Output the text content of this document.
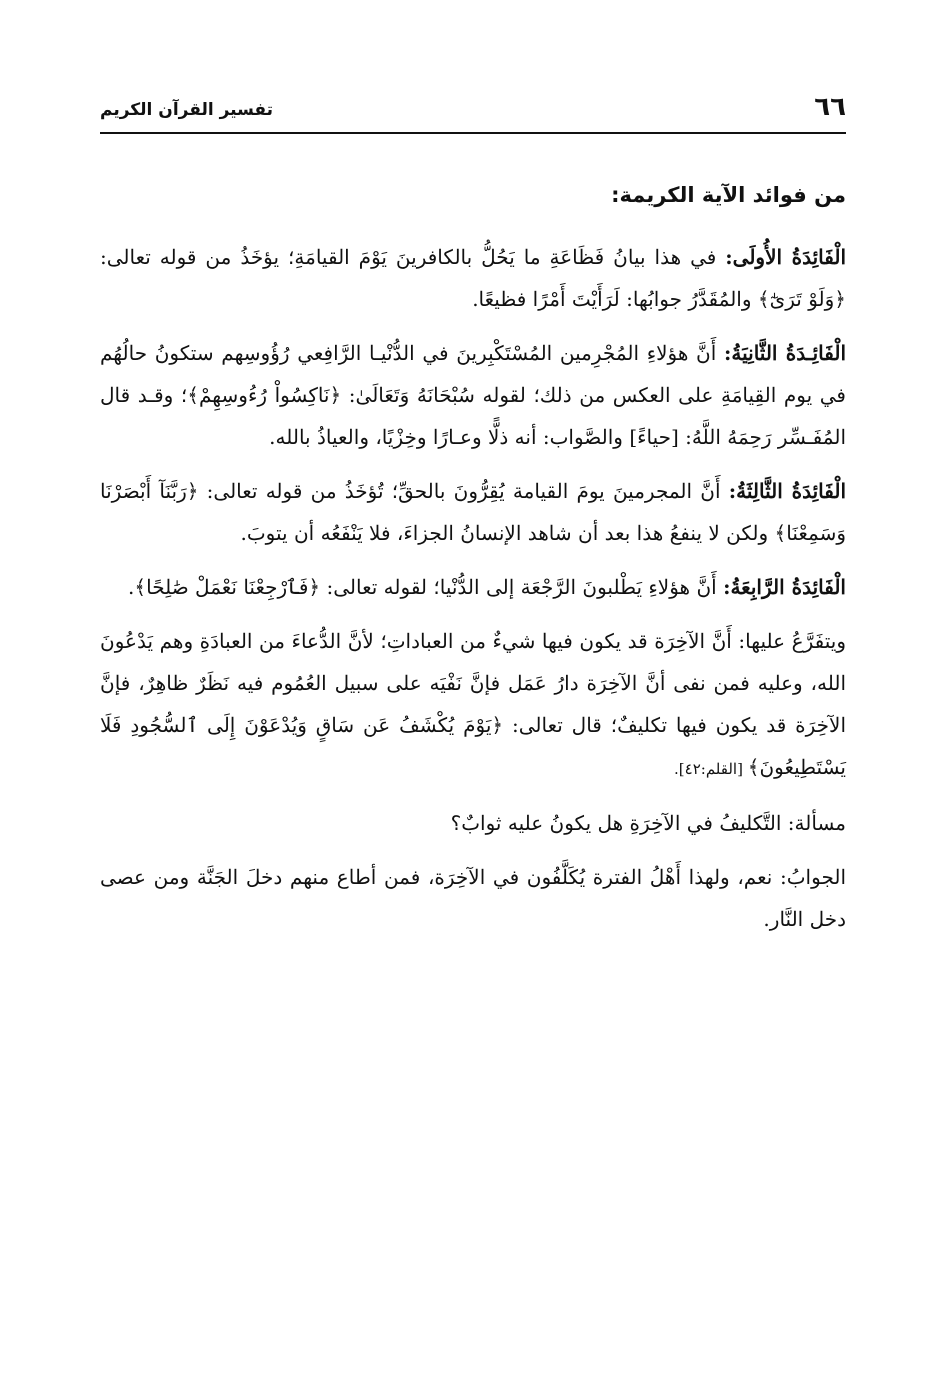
٦٦
تفسير القرآن الكريم
من فوائد الآية الكريمة:

الْفَائِدَةُ الأُولَى: في هذا بيانُ فَظَاعَةِ ما يَحُلُّ بالكافرينَ يَوْمَ القيامَةِ؛ يؤخَذُ من قوله تعالى: ﴿وَلَوْ تَرَىٰٓ﴾ والمُقَدَّرُ جوابُها: لَرَأَيْتَ أَمْرًا فظيعًا.

الْفَائِـدَةُ الثَّانِيَةُ: أَنَّ هؤلاءِ المُجْرِمين المُسْتَكْبِرينَ في الدُّنْيـا الرَّافِعي رُؤُوسِهم ستكونُ حالُهُم في يوم القِيامَةِ على العكس من ذلك؛ لقوله سُبْحَانَهُ وَتَعَالَىٰ: ﴿نَاكِسُواْ رُءُوسِهِمْ﴾؛ وقـد قال المُفَـسِّر رَحِمَهُ اللَّهُ: [حياءً] والصَّواب: أنه ذلًّا وعـارًا وخِزْيًا، والعياذُ بالله.

الْفَائِدَةُ الثَّالِثَةُ: أَنَّ المجرمينَ يومَ القيامة يُقِرُّونَ بالحقِّ؛ تُؤخَذُ من قوله تعالى: ﴿رَبَّنَآ أَبْصَرْنَا وَسَمِعْنَا﴾ ولكن لا ينفعُ هذا بعد أن شاهد الإنسانُ الجزاءَ، فلا يَنْفَعُه أن يتوبَ.

الْفَائِدَةُ الرَّابِعَةُ: أَنَّ هؤلاءِ يَطْلبونَ الرَّجْعَة إلى الدُّنْيا؛ لقوله تعالى: ﴿فَٱرْجِعْنَا نَعْمَلْ صَٰلِحًا﴾.

ويتفَرَّعُ عليها: أَنَّ الآخِرَة قد يكون فيها شيءٌ من العباداتِ؛ لأنَّ الدُّعاءَ من العبادَةِ وهم يَدْعُونَ الله، وعليه فمن نفى أنَّ الآخِرَة دارُ عَمَل فإنَّ نَفْيَه على سبيل العُمُوم فيه نَظَرٌ ظاهِرٌ، فإنَّ الآخِرَة قد يكون فيها تكليفٌ؛ قال تعالى: ﴿يَوْمَ يُكْشَفُ عَن سَاقٍ وَيُدْعَوْنَ إِلَى ٱلسُّجُودِ فَلَا يَسْتَطِيعُونَ﴾ [القلم:٤٢].

مسألة: التَّكليفُ في الآخِرَةِ هل يكونُ عليه ثوابٌ؟

الجوابُ: نعم، ولهذا أَهْلُ الفترة يُكَلَّفُون في الآخِرَة، فمن أطاع منهم دخلَ الجَنَّة ومن عصى دخل النَّار.
